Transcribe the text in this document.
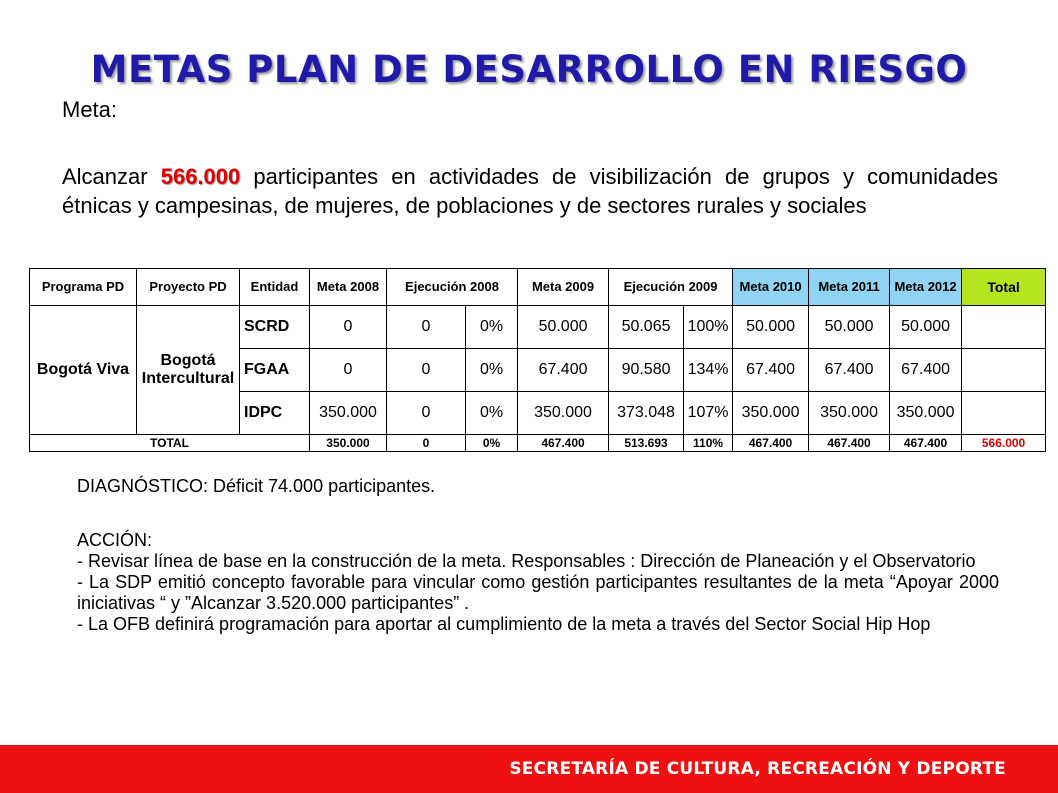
METAS PLAN DE DESARROLLO EN RIESGO
Meta:
Alcanzar 566.000 participantes en actividades de visibilización de grupos y comunidades étnicas y campesinas, de mujeres, de poblaciones y de sectores rurales y sociales
Programa PD	Proyecto PD	Entidad	Meta 2008	Ejecución 2008		Meta 2009	Ejecución 2009		Meta 2010	Meta 2011	Meta 2012	Total
Bogotá Viva	Bogotá Intercultural	SCRD	0	0	0%	50.000	50.065	100%	50.000	50.000	50.000	
		FGAA	0	0	0%	67.400	90.580	134%	67.400	67.400	67.400	
		IDPC	350.000	0	0%	350.000	373.048	107%	350.000	350.000	350.000	
TOTAL			350.000	0	0%	467.400	513.693	110%	467.400	467.400	467.400	566.000
DIAGNÓSTICO: Déficit 74.000 participantes.

ACCIÓN:

- Revisar línea de base en la construcción de la meta. Responsables : Dirección de Planeación y el Observatorio

- La SDP emitió concepto favorable para vincular como gestión participantes resultantes de la meta “Apoyar 2000 iniciativas “ y ”Alcanzar 3.520.000 participantes” .

- La OFB definirá programación para aportar al cumplimiento de la meta a través del Sector Social Hip Hop

SECRETARÍA DE CULTURA, RECREACIÓN Y DEPORTE
